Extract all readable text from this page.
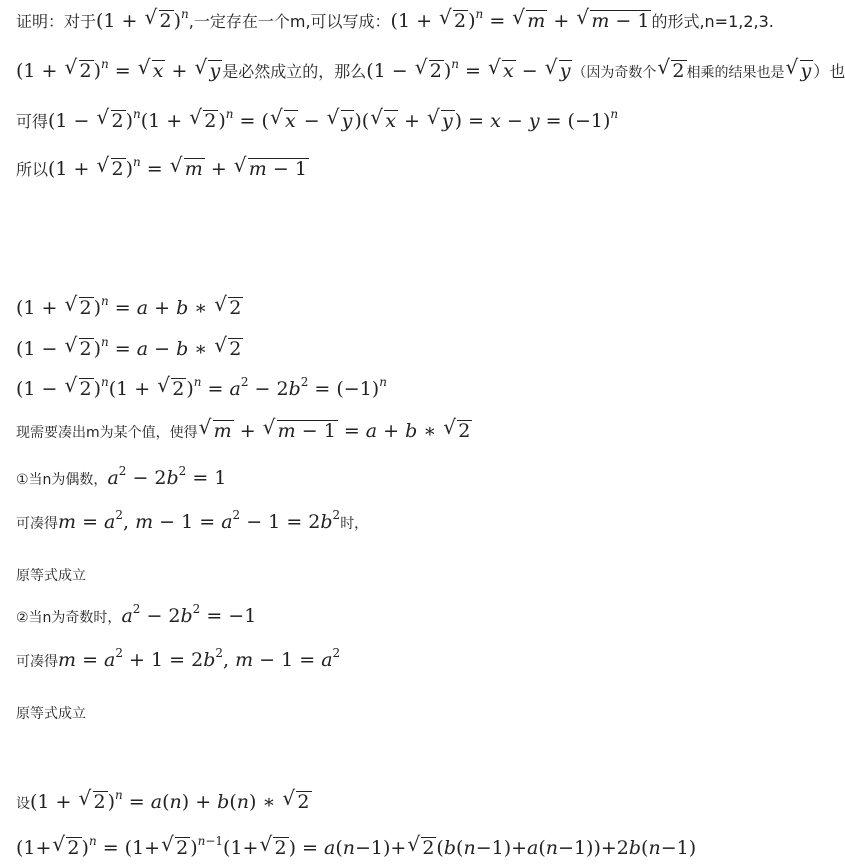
证明：对于(1 + √ 2 )$^n$,一定存在一个m,可以写成：(1 + √ 2 )$^n$ = √ m + √ m − 1 的形式,n=1,2,3.
(1 + √ 2 )$^n$ = √ x + √ y 是必然成立的，那么(1 − √ 2 )$^n$ = √ x − √ y （因为奇数个 √ 2 相乘的结果也是 √ y ）也
可得(1 − √ 2 )$^n$(1 + √ 2 )$^n$ = ( √ x − √ y )( √ x + √ y ) = $x - y = (-1)^n$
所以(1 + √ 2 )$^n$ = √ m + √ m − 1
(1 + √ 2 )$^n$ = a + b ∗ √ 2
(1 − √ 2 )$^n$ = a − b ∗ √ 2
(1 − √ 2 )$^n$(1 + √ 2 )$^n = a^2 - 2b^2 = (-1)^n$
现需要凑出m为某个值，使得 √ m + √ m − 1 = a + b ∗ √ 2
①当n为偶数，$a^2 - 2b^2 = 1$
可凑得$m = a^2$, $m - 1 = a^2 - 1 = 2b^2$时，
原等式成立
②当n为奇数时，$a^2 - 2b^2 = -1$
可凑得$m = a^2 + 1 = 2b^2$, $m - 1 = a^2$
原等式成立
设(1 + √ 2 )$^n$ = a(n) + b(n) ∗ √ 2
(1+ √ 2 )$^n$ = (1+ √ 2 )$^{n-1}$(1+ √ 2 ) = a(n−1)+ √ 2 (b(n−1)+a(n−1))+2b(n−1)
